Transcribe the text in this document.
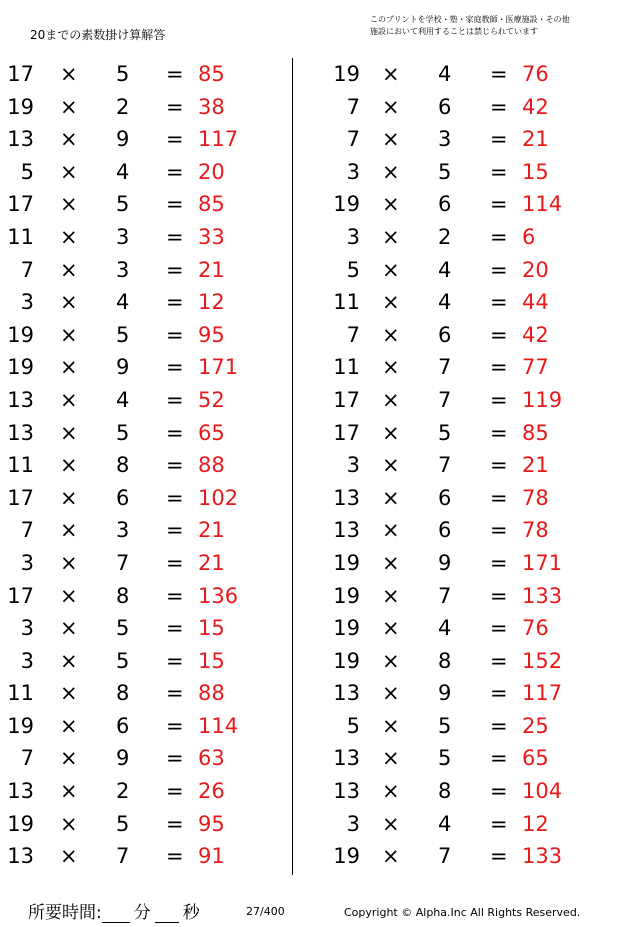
20までの素数掛け算解答
このプリントを学校・塾・家庭教師・医療施設・その他
施設において利用することは禁じられています
17 × 5 = 85
19 × 2 = 38
13 × 9 = 117
5 × 4 = 20
17 × 5 = 85
11 × 3 = 33
7 × 3 = 21
3 × 4 = 12
19 × 5 = 95
19 × 9 = 171
13 × 4 = 52
13 × 5 = 65
11 × 8 = 88
17 × 6 = 102
7 × 3 = 21
3 × 7 = 21
17 × 8 = 136
3 × 5 = 15
3 × 5 = 15
11 × 8 = 88
19 × 6 = 114
7 × 9 = 63
13 × 2 = 26
19 × 5 = 95
13 × 7 = 91
19 × 4 = 76
7 × 6 = 42
7 × 3 = 21
3 × 5 = 15
19 × 6 = 114
3 × 2 = 6
5 × 4 = 20
11 × 4 = 44
7 × 6 = 42
11 × 7 = 77
17 × 7 = 119
17 × 5 = 85
3 × 7 = 21
13 × 6 = 78
13 × 6 = 78
19 × 9 = 171
19 × 7 = 133
19 × 4 = 76
19 × 8 = 152
13 × 9 = 117
5 × 5 = 25
13 × 5 = 65
13 × 8 = 104
3 × 4 = 12
19 × 7 = 133
所要時間: 分 秒	27/400	Copyright © Alpha.Inc All Rights Reserved.
